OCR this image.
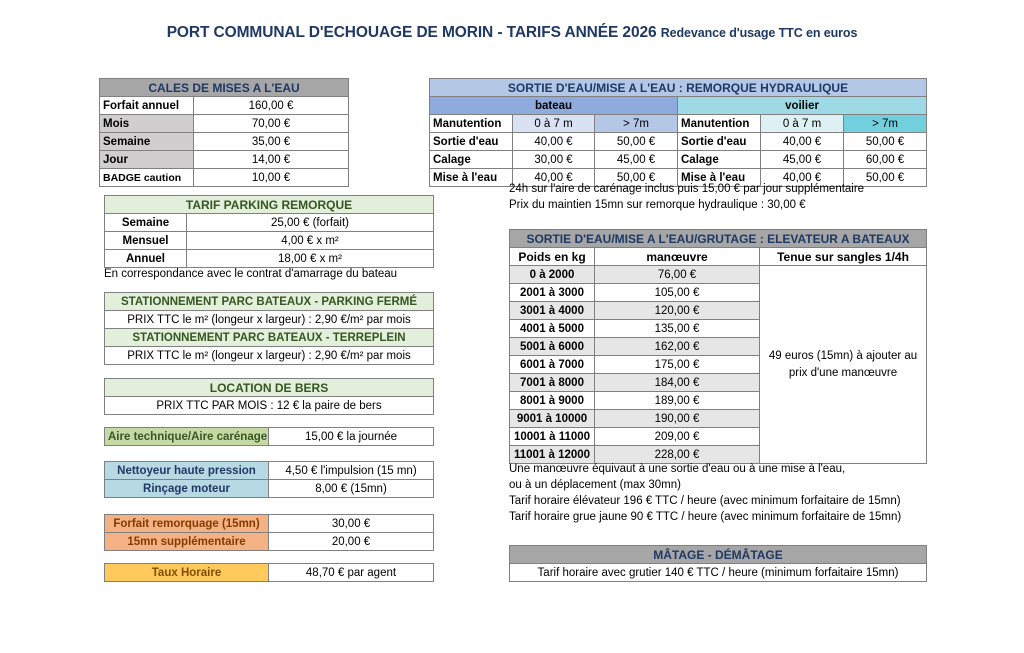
PORT COMMUNAL D'ECHOUAGE DE MORIN - TARIFS ANNÉE 2026 Redevance d'usage TTC en euros
CALES DE MISES A L'EAU	
Forfait annuel	160,00 €
Mois	70,00 €
Semaine	35,00 €
Jour	14,00 €
BADGE caution	10,00 €
SORTIE D'EAU/MISE A L'EAU : REMORQUE HYDRAULIQUE					
bateau			voilier		
Manutention	0 à 7 m	> 7m	Manutention	0 à 7 m	> 7m
Sortie d'eau	40,00 €	50,00 €	Sortie d'eau	40,00 €	50,00 €
Calage	30,00 €	45,00 €	Calage	45,00 €	60,00 €
Mise à l'eau	40,00 €	50,00 €	Mise à l'eau	40,00 €	50,00 €
24h sur l'aire de carénage inclus puis 15,00 € par jour supplémentaire
Prix du maintien 15mn sur remorque hydraulique : 30,00 €
TARIF PARKING REMORQUE	
Semaine	25,00 € (forfait)
Mensuel	4,00 € x m²
Annuel	18,00 € x m²
En correspondance avec le contrat d'amarrage du bateau
STATIONNEMENT PARC BATEAUX - PARKING FERMÉ
PRIX TTC le m² (longeur x largeur) : 2,90 €/m² par mois
STATIONNEMENT PARC BATEAUX - TERREPLEIN
PRIX TTC le m² (longeur x largeur) : 2,90 €/m² par mois
LOCATION DE BERS
PRIX TTC PAR MOIS : 12 € la paire de bers
Aire technique/Aire carénage	15,00 € la journée
Nettoyeur haute pression	4,50 € l'impulsion (15 mn)
Rinçage moteur	8,00 € (15mn)
Forfait remorquage (15mn)	30,00 €
15mn supplémentaire	20,00 €
Taux Horaire	48,70 € par agent
SORTIE D'EAU/MISE A L'EAU/GRUTAGE : ELEVATEUR A BATEAUX		
Poids en kg	manœuvre	Tenue sur sangles 1/4h
0 à 2000	76,00 €	49 euros (15mn) à ajouter au
prix d'une manœuvre
2001 à 3000	105,00 €	
3001 à 4000	120,00 €	
4001 à 5000	135,00 €	
5001 à 6000	162,00 €	
6001 à 7000	175,00 €	
7001 à 8000	184,00 €	
8001 à 9000	189,00 €	
9001 à 10000	190,00 €	
10001 à 11000	209,00 €	
11001 à 12000	228,00 €	
Une manœuvre équivaut à une sortie d'eau ou à une mise à l'eau,
ou à un déplacement (max 30mn)
Tarif horaire élévateur 196 € TTC / heure (avec minimum forfaitaire de 15mn)
Tarif horaire grue jaune 90 € TTC / heure (avec minimum forfaitaire de 15mn)
MÂTAGE - DÉMÂTAGE
Tarif horaire avec grutier 140 € TTC / heure (minimum forfaitaire 15mn)
